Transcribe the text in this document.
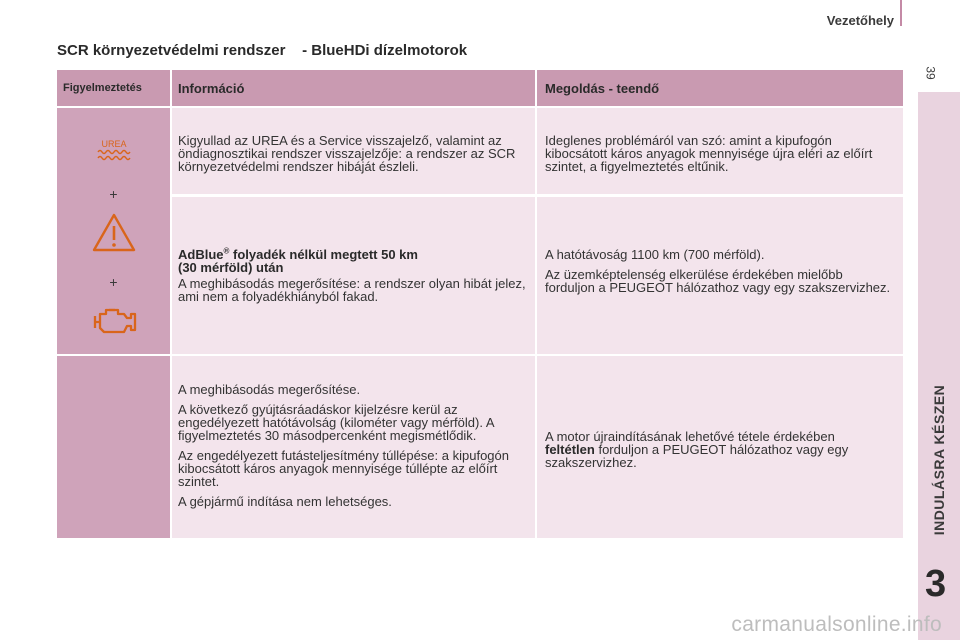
Vezetőhely
39
INDULÁSRA KÉSZEN
3
SCR környezetvédelmi rendszer    - BlueHDi dízelmotorok
Figyelmeztetés	Információ	Megoldás - teendő
UREA
+
+

Kigyullad az UREA és a Service visszajelző, valamint az öndiagnosztikai rendszer visszajelzője: a rendszer az SCR környezetvédelmi rendszer hibáját észleli.

Ideglenes problémáról van szó: amint a kipufogón kibocsátott káros anyagok mennyisége újra eléri az előírt szintet, a figyelmeztetés eltűnik.

AdBlue® folyadék nélkül megtett 50 km
(30 mérföld) után

A meghibásodás megerősítése: a rendszer olyan hibát jelez, ami nem a folyadékhiányból fakad.

A hatótávoság 1100 km (700 mérföld).

Az üzemképtelenség elkerülése érdekében mielőbb forduljon a PEUGEOT hálózathoz vagy egy szakszervizhez.

A meghibásodás megerősítése.

A következő gyújtásráadáskor kijelzésre kerül az engedélyezett hatótávolság (kilométer vagy mérföld). A figyelmeztetés 30 másodpercenként megismétlődik.

Az engedélyezett futásteljesítmény túllépése: a kipufogón kibocsátott káros anyagok mennyisége túllépte az előírt szintet.

A gépjármű indítása nem lehetséges.

A motor újraindításának lehetővé tétele érdekében
feltétlen forduljon a PEUGEOT hálózathoz vagy egy szakszervizhez.

carmanualsonline.info
